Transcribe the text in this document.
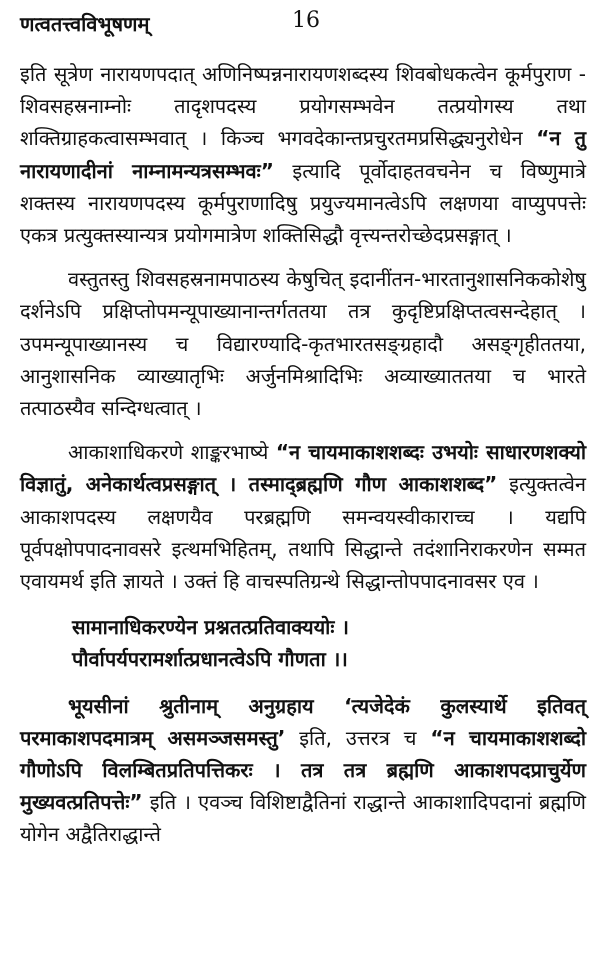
णत्वतत्त्वविभूषणम्	16

इति सूत्रेण नारायणपदात् अणिनिष्पन्ननारायणशब्दस्य शिवबोधकत्वेन कूर्मपुराण - शिवसहस्रनाम्नोः तादृशपदस्य प्रयोगसम्भवेन तत्प्रयोगस्य तथा शक्तिग्राहकत्वासम्भवात् । किञ्च भगवदेकान्तप्रचुरतमप्रसिद्ध्यनुरोधेन “न तु नारायणादीनां नाम्नामन्यत्रसम्भवः” इत्यादि पूर्वोदाहतवचनेन च विष्णुमात्रे शक्तस्य नारायणपदस्य कूर्मपुराणादिषु प्रयुज्यमानत्वेऽपि लक्षणया वाप्युपपत्तेः एकत्र प्रत्युक्तस्यान्यत्र प्रयोगमात्रेण शक्तिसिद्धौ वृत्त्यन्तरोच्छेदप्रसङ्गात् ।

वस्तुतस्तु शिवसहस्रनामपाठस्य केषुचित् इदानींतन-भारतानुशासनिककोशेषु दर्शनेऽपि प्रक्षिप्तोपमन्यूपाख्यानान्तर्गततया तत्र कुदृष्टिप्रक्षिप्तत्वसन्देहात् । उपमन्यूपाख्यानस्य च विद्यारण्यादि-कृतभारतसङ्ग्रहादौ असङ्गृहीततया, आनुशासनिक व्याख्यातृभिः अर्जुनमिश्रादिभिः अव्याख्याततया च भारते तत्पाठस्यैव सन्दिग्धत्वात् ।

आकाशाधिकरणे शाङ्करभाष्ये “न चायमाकाशशब्दः उभयोः साधारणशक्यो विज्ञातुं, अनेकार्थत्वप्रसङ्गात् । तस्माद्ब्रह्मणि गौण आकाशशब्द” इत्युक्तत्वेन आकाशपदस्य लक्षणयैव परब्रह्मणि समन्वयस्वीकाराच्च । यद्यपि पूर्वपक्षोपपादनावसरे इत्थमभिहितम्, तथापि सिद्धान्ते तदंशानिराकरणेन सम्मत एवायमर्थ इति ज्ञायते । उक्तं हि वाचस्पतिग्रन्थे सिद्धान्तोपपादनावसर एव ।

सामानाधिकरण्येन प्रश्नतत्प्रतिवाक्ययोः ।
पौर्वापर्यपरामर्शात्प्रधानत्वेऽपि गौणता ।।

भूयसीनां श्रुतीनाम् अनुग्रहाय ‘त्यजेदेकं कुलस्यार्थे इतिवत् परमाकाशपदमात्रम् असमञ्जसमस्तु’ इति, उत्तरत्र च “न चायमाकाशशब्दो गौणोऽपि विलम्बितप्रतिपत्तिकरः । तत्र तत्र ब्रह्मणि आकाशपदप्राचुर्येण मुख्यवत्प्रतिपत्तेः” इति । एवञ्च विशिष्टाद्वैतिनां राद्धान्ते आकाशादिपदानां ब्रह्मणि योगेन अद्वैतिराद्धान्ते
